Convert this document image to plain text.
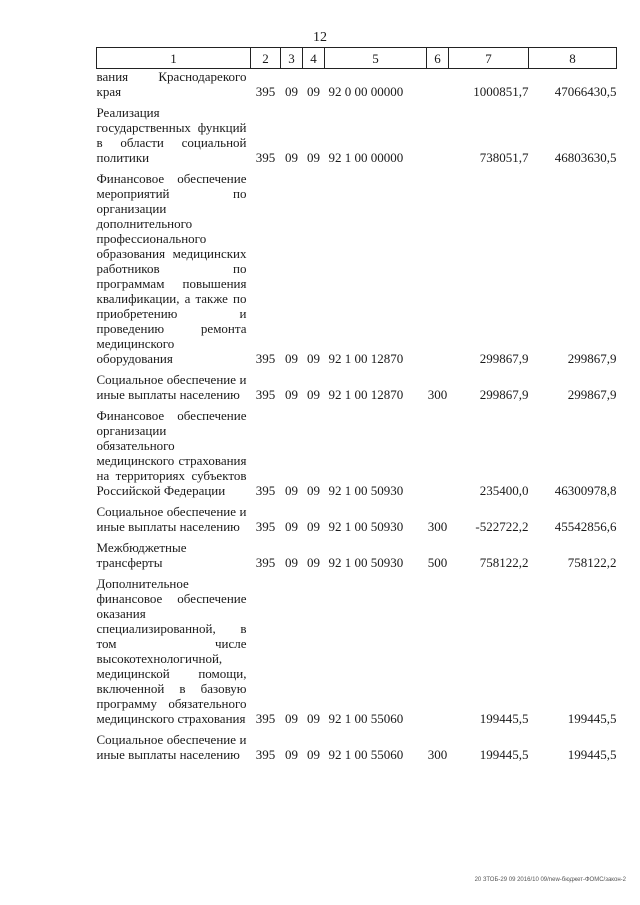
12
1	2	3	4	5	6	7	8
вания Краснодарекого края	395	09	09	92 0 00 00000		1000851,7	47066430,5

Реализация государственных функций в области социальной политики	395	09	09	92 1 00 00000		738051,7	46803630,5

Финансовое обеспечение мероприятий по организации дополнительного профессионального образования медицинских работников по программам повышения квалификации, а также по приобретению и проведению ремонта медицинского оборудования	395	09	09	92 1 00 12870		299867,9	299867,9

Социальное обеспечение и иные выплаты населению	395	09	09	92 1 00 12870	300	299867,9	299867,9

Финансовое обеспечение организации обязательного медицинского страхования на территориях субъектов Российской Федерации	395	09	09	92 1 00 50930		235400,0	46300978,8

Социальное обеспечение и иные выплаты населению	395	09	09	92 1 00 50930	300	-522722,2	45542856,6

Межбюджетные трансферты	395	09	09	92 1 00 50930	500	758122,2	758122,2

Дополнительное финансовое обеспечение оказания специализированной, в том числе высокотехнологичной, медицинской помощи, включенной в базовую программу обязательного медицинского страхования	395	09	09	92 1 00 55060		199445,5	199445,5

Социальное обеспечение и иные выплаты населению	395	09	09	92 1 00 55060	300	199445,5	199445,5
20 ЗТОБ-29 09 2016/10 09/new-бюджет-ФОМС/закон-2
